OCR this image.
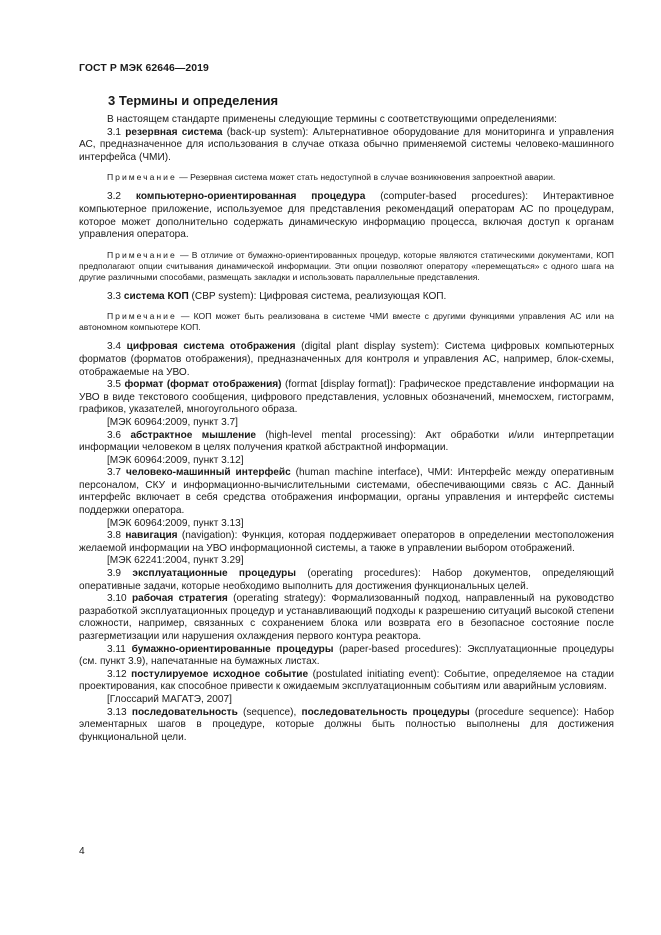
ГОСТ Р МЭК 62646—2019
3 Термины и определения

В настоящем стандарте применены следующие термины с соответствующими определениями:

3.1 резервная система (back-up system): Альтернативное оборудование для мониторинга и управления АС, предназначенное для использования в случае отказа обычно применяемой системы человеко-машинного интерфейса (ЧМИ).

Примечание — Резервная система может стать недоступной в случае возникновения запроектной аварии.

3.2 компьютерно-ориентированная процедура (computer-based procedures): Интерактивное компьютерное приложение, используемое для представления рекомендаций операторам АС по процедурам, которое может дополнительно содержать динамическую информацию процесса, включая доступ к органам управления оператора.

Примечание — В отличие от бумажно-ориентированных процедур, которые являются статическими документами, КОП предполагают опции считывания динамической информации. Эти опции позволяют оператору «перемещаться» с одного шага на другие различными способами, размещать закладки и использовать параллельные представления.

3.3 система КОП (CBP system): Цифровая система, реализующая КОП.

Примечание — КОП может быть реализована в системе ЧМИ вместе с другими функциями управления АС или на автономном компьютере КОП.

3.4 цифровая система отображения (digital plant display system): Система цифровых компьютерных форматов (форматов отображения), предназначенных для контроля и управления АС, например, блок-схемы, отображаемые на УВО.

3.5 формат (формат отображения) (format [display format]): Графическое представление информации на УВО в виде текстового сообщения, цифрового представления, условных обозначений, мнемосхем, гистограмм, графиков, указателей, многоугольного образа.

[МЭК 60964:2009, пункт 3.7]

3.6 абстрактное мышление (high-level mental processing): Акт обработки и/или интерпретации информации человеком в целях получения краткой абстрактной информации.

[МЭК 60964:2009, пункт 3.12]

3.7 человеко-машинный интерфейс (human machine interface), ЧМИ: Интерфейс между оперативным персоналом, СКУ и информационно-вычислительными системами, обеспечивающими связь с АС. Данный интерфейс включает в себя средства отображения информации, органы управления и интерфейс системы поддержки оператора.

[МЭК 60964:2009, пункт 3.13]

3.8 навигация (navigation): Функция, которая поддерживает операторов в определении местоположения желаемой информации на УВО информационной системы, а также в управлении выбором отображений.

[МЭК 62241:2004, пункт 3.29]

3.9 эксплуатационные процедуры (operating procedures): Набор документов, определяющий оперативные задачи, которые необходимо выполнить для достижения функциональных целей.

3.10 рабочая стратегия (operating strategy): Формализованный подход, направленный на руководство разработкой эксплуатационных процедур и устанавливающий подходы к разрешению ситуаций высокой степени сложности, например, связанных с сохранением блока или возврата его в безопасное состояние после разгерметизации или нарушения охлаждения первого контура реактора.

3.11 бумажно-ориентированные процедуры (paper-based procedures): Эксплуатационные процедуры (см. пункт 3.9), напечатанные на бумажных листах.

3.12 постулируемое исходное событие (postulated initiating event): Событие, определяемое на стадии проектирования, как способное привести к ожидаемым эксплуатационным событиям или аварийным условиям.

[Глоссарий МАГАТЭ, 2007]

3.13 последовательность (sequence), последовательность процедуры (procedure sequence): Набор элементарных шагов в процедуре, которые должны быть полностью выполнены для достижения функциональной цели.

4
